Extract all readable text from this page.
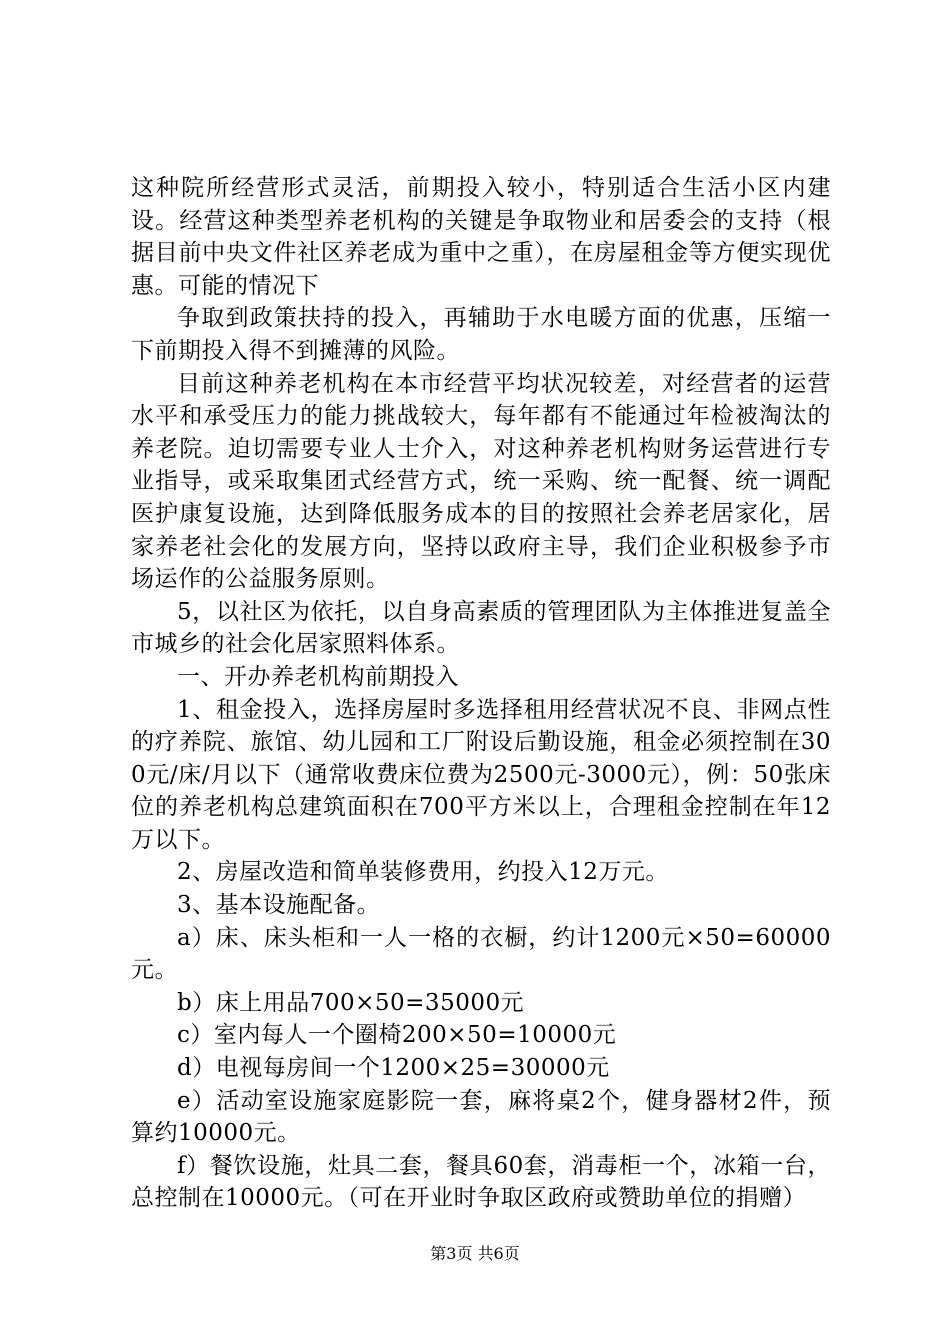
这种院所经营形式灵活，前期投入较小，特别适合生活小区内建设。经营这种类型养老机构的关键是争取物业和居委会的支持（根据目前中央文件社区养老成为重中之重），在房屋租金等方便实现优惠。可能的情况下

争取到政策扶持的投入，再辅助于水电暖方面的优惠，压缩一下前期投入得不到摊薄的风险。

目前这种养老机构在本市经营平均状况较差，对经营者的运营水平和承受压力的能力挑战较大，每年都有不能通过年检被淘汰的养老院。迫切需要专业人士介入，对这种养老机构财务运营进行专业指导，或采取集团式经营方式，统一采购、统一配餐、统一调配医护康复设施，达到降低服务成本的目的按照社会养老居家化，居家养老社会化的发展方向，坚持以政府主导，我们企业积极参予市场运作的公益服务原则。

5，以社区为依托，以自身高素质的管理团队为主体推进复盖全市城乡的社会化居家照料体系。

一、开办养老机构前期投入

1、租金投入，选择房屋时多选择租用经营状况不良、非网点性的疗养院、旅馆、幼儿园和工厂附设后勤设施，租金必须控制在300元/床/月以下（通常收费床位费为2500元-3000元），例：50张床位的养老机构总建筑面积在700平方米以上，合理租金控制在年12万以下。

2、房屋改造和简单装修费用，约投入12万元。

3、基本设施配备。

a）床、床头柜和一人一格的衣橱，约计1200元×50=60000元。

b）床上用品700×50=35000元

c）室内每人一个圈椅200×50=10000元

d）电视每房间一个1200×25=30000元

e）活动室设施家庭影院一套，麻将桌2个，健身器材2件，预算约10000元。

f）餐饮设施，灶具二套，餐具60套，消毒柜一个，冰箱一台，总控制在10000元。（可在开业时争取区政府或赞助单位的捐赠）

第3页 共6页
